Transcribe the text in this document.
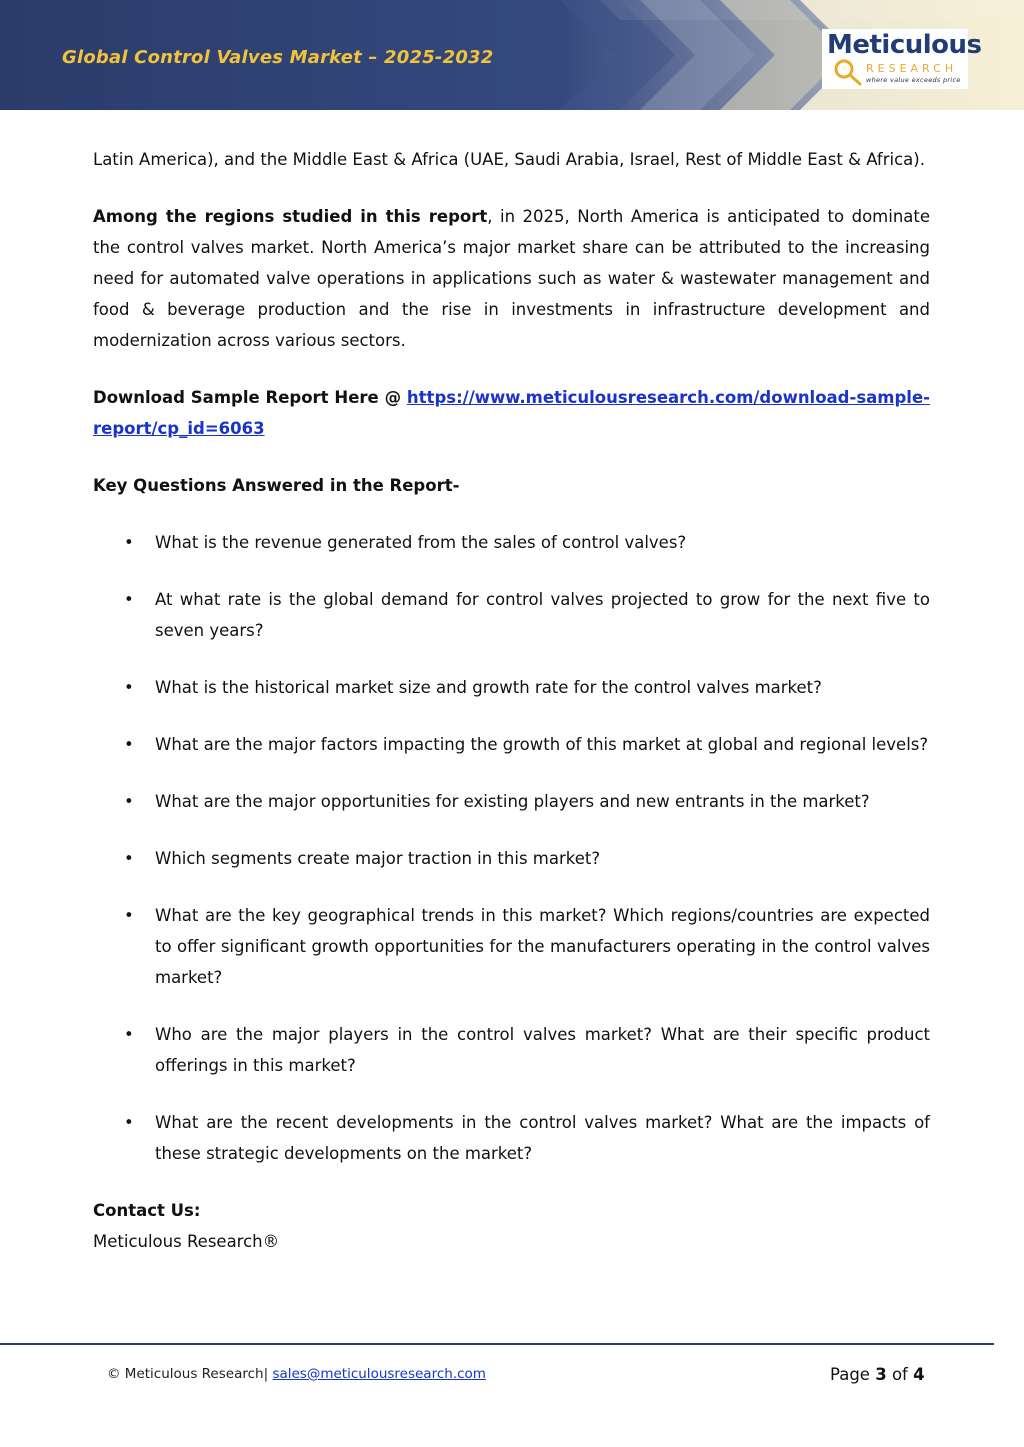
Global Control Valves Market – 2025-2032	Meticulous
RESEARCH
where value exceeds price

Latin America), and the Middle East & Africa (UAE, Saudi Arabia, Israel, Rest of Middle East & Africa).

Among the regions studied in this report, in 2025, North America is anticipated to dominate the control valves market. North America’s major market share can be attributed to the increasing need for automated valve operations in applications such as water & wastewater management and food & beverage production and the rise in investments in infrastructure development and modernization across various sectors.

Download Sample Report Here @ https://www.meticulousresearch.com/download-sample-report/cp_id=6063

Key Questions Answered in the Report-

• What is the revenue generated from the sales of control valves?
• At what rate is the global demand for control valves projected to grow for the next five to seven years?
• What is the historical market size and growth rate for the control valves market?
• What are the major factors impacting the growth of this market at global and regional levels?
• What are the major opportunities for existing players and new entrants in the market?
• Which segments create major traction in this market?
• What are the key geographical trends in this market? Which regions/countries are expected to offer significant growth opportunities for the manufacturers operating in the control valves market?
• Who are the major players in the control valves market? What are their specific product offerings in this market?
• What are the recent developments in the control valves market? What are the impacts of these strategic developments on the market?

Contact Us:

Meticulous Research®

© Meticulous Research| sales@meticulousresearch.com	Page 3 of 4
